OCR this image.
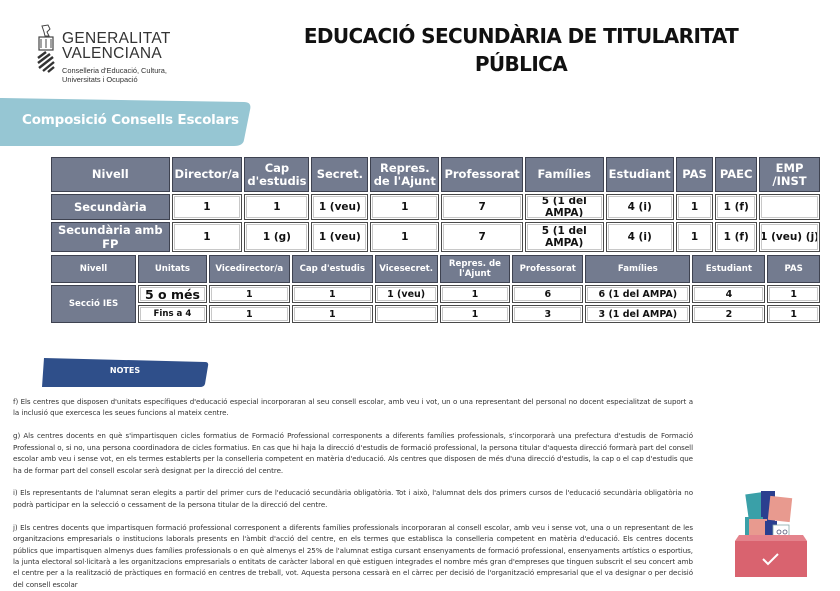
GENERALITAT
VALENCIANA
Conselleria d'Educació, Cultura,
Universitats i Ocupació
EDUCACIÓ SECUNDÀRIA DE TITULARITAT
PÚBLICA
Composició Consells Escolars
Nivell	Director/a	Cap d'estudis	Secret.	Repres. de l'Ajunt	Professorat	Famílies	Estudiant	PAS	PAEC	EMP /INST
Secundària	1	1	1 (veu)	1	7	5 (1 del AMPA)	4 (i)	1	1 (f)	
Secundària amb FP	1	1 (g)	1 (veu)	1	7	5 (1 del AMPA)	4 (i)	1	1 (f)	1 (veu) (j)
Nivell	Unitats	Vicedirector/a	Cap d'estudis	Vicesecret.	Repres. de l'Ajunt	Professorat	Famílies	Estudiant	PAS
Secció IES	5 o més	1	1	1 (veu)	1	6	6 (1 del AMPA)	4	1
	Fins a 4	1	1		1	3	3 (1 del AMPA)	2	1
NOTES

f) Els centres que disposen d'unitats específiques d'educació especial incorporaran al seu consell escolar, amb veu i vot, un o una representant del personal no docent especialitzat de suport a la inclusió que exercesca les seues funcions al mateix centre.

g) Als centres docents en què s'impartisquen cicles formatius de Formació Professional corresponents a diferents famílies professionals, s'incorporarà una prefectura d'estudis de Formació Professional o, si no, una persona coordinadora de cicles formatius. En cas que hi haja la direcció d'estudis de formació professional, la persona titular d'aquesta direcció formarà part del consell escolar amb veu i sense vot, en els termes establerts per la conselleria competent en matèria d'educació. Als centres que disposen de més d'una direcció d'estudis, la cap o el cap d'estudis que ha de formar part del consell escolar serà designat per la direcció del centre.

i) Els representants de l'alumnat seran elegits a partir del primer curs de l'educació secundària obligatòria. Tot i això, l'alumnat dels dos primers cursos de l'educació secundària obligatòria no podrà participar en la selecció o cessament de la persona titular de la direcció del centre.

j) Els centres docents que impartisquen formació professional corresponent a diferents famílies professionals incorporaran al consell escolar, amb veu i sense vot, una o un representant de les organitzacions empresarials o institucions laborals presents en l'àmbit d'acció del centre, en els termes que establisca la conselleria competent en matèria d'educació. Els centres docents públics que impartisquen almenys dues famílies professionals o en què almenys el 25% de l'alumnat estiga cursant ensenyaments de formació professional, ensenyaments artístics o esportius, la junta electoral sol·licitarà a les organitzacions empresarials o entitats de caràcter laboral en què estiguen integrades el nombre més gran d'empreses que tinguen subscrit el seu concert amb el centre per a la realització de pràctiques en formació en centres de treball, vot. Aquesta persona cessarà en el càrrec per decisió de l'organització empresarial que el va designar o per decisió del consell escolar
